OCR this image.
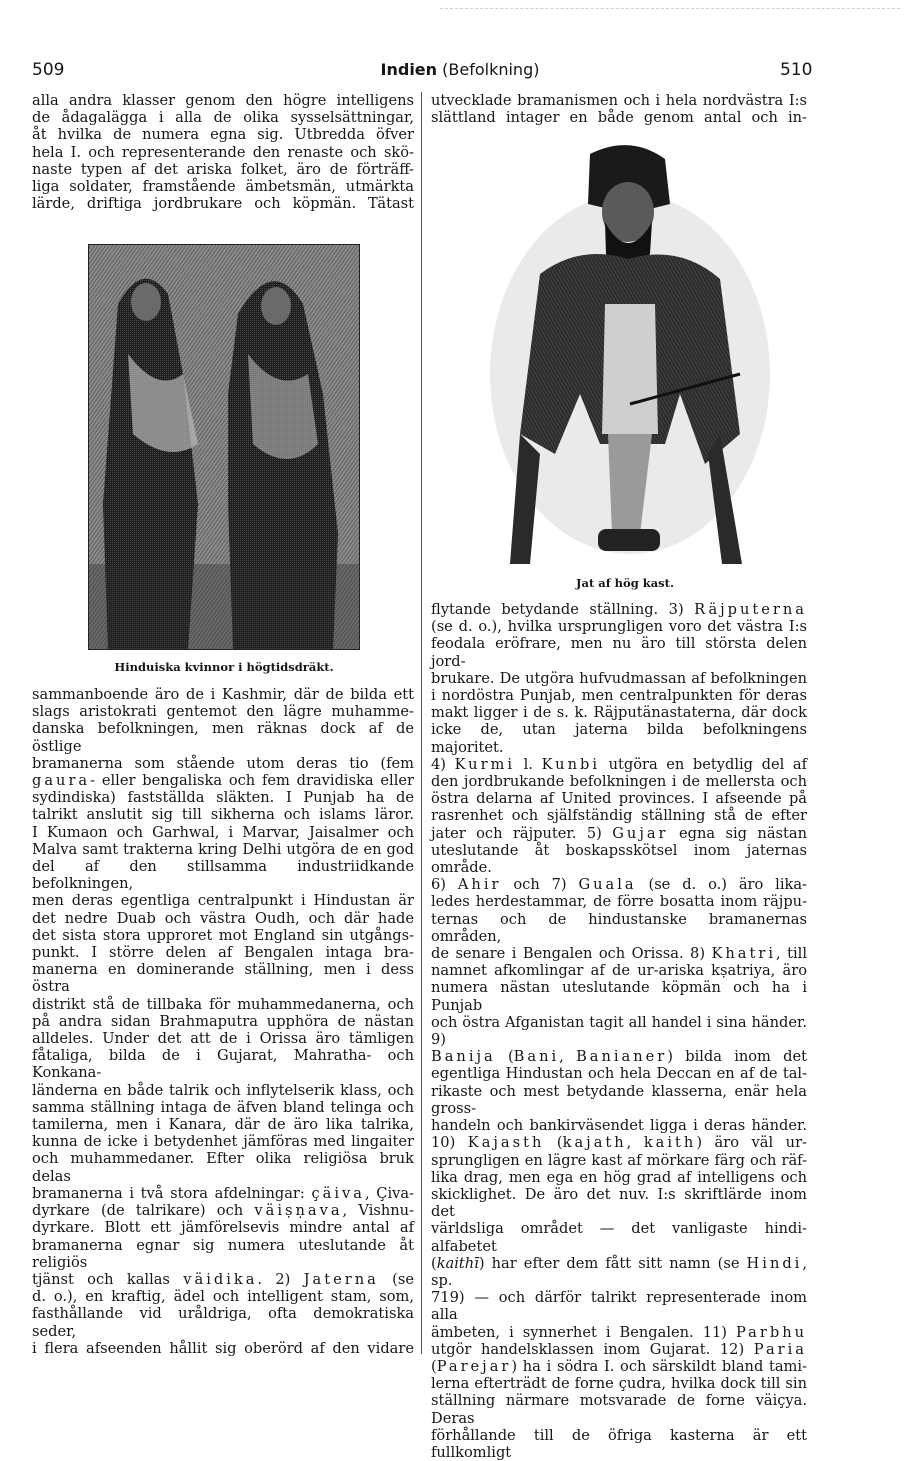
509	Indien (Befolkning)	510

alla andra klasser genom den högre intelligens

de ådagalägga i alla de olika sysselsättningar,

åt hvilka de numera egna sig. Utbredda öfver

hela I. och representerande den renaste och skö-

naste typen af det ariska folket, äro de förträff-

liga soldater, framstående ämbetsmän, utmärkta

lärde, driftiga jordbrukare och köpmän. Tätast

Hinduiska kvinnor i högtidsdräkt.

sammanboende äro de i Kashmir, där de bilda ett

slags aristokrati gentemot den lägre muhamme-

danska befolkningen, men räknas dock af de östlige

bramanerna som stående utom deras tio (fem

gaura- eller bengaliska och fem dravidiska eller

sydindiska) fastställda släkten. I Punjab ha de

talrikt anslutit sig till sikherna och islams läror.

I Kumaon och Garhwal, i Marvar, Jaisalmer och

Malva samt trakterna kring Delhi utgöra de en god

del af den stillsamma industriidkande befolkningen,

men deras egentliga centralpunkt i Hindustan är

det nedre Duab och västra Oudh, och där hade

det sista stora upproret mot England sin utgångs-

punkt. I större delen af Bengalen intaga bra-

manerna en dominerande ställning, men i dess östra

distrikt stå de tillbaka för muhammedanerna, och

på andra sidan Brahmaputra upphöra de nästan

alldeles. Under det att de i Orissa äro tämligen

fåtaliga, bilda de i Gujarat, Mahratha- och Konkana-

länderna en både talrik och inflytelserik klass, och

samma ställning intaga de äfven bland telinga och

tamilerna, men i Kanara, där de äro lika talrika,

kunna de icke i betydenhet jämföras med lingaiter

och muhammedaner. Efter olika religiösa bruk delas

bramanerna i två stora afdelningar: çäiva, Çiva-

dyrkare (de talrikare) och väiṣṇava, Vishnu-

dyrkare. Blott ett jämförelsevis mindre antal af

bramanerna egnar sig numera uteslutande åt religiös

tjänst och kallas väidika. 2) Jaterna (se

d. o.), en kraftig, ädel och intelligent stam, som,

fasthållande vid uråldriga, ofta demokratiska seder,

i flera afseenden hållit sig oberörd af den vidare

utvecklade bramanismen och i hela nordvästra I:s

slättland intager en både genom antal och in-

Jat af hög kast.

flytande betydande ställning. 3) Räjputerna

(se d. o.), hvilka ursprungligen voro det västra I:s

feodala eröfrare, men nu äro till största delen jord-

brukare. De utgöra hufvudmassan af befolkningen

i nordöstra Punjab, men centralpunkten för deras

makt ligger i de s. k. Räjputänastaterna, där dock

icke de, utan jaterna bilda befolkningens majoritet.

4) Kurmi l. Kunbi utgöra en betydlig del af

den jordbrukande befolkningen i de mellersta och

östra delarna af United provinces. I afseende på

rasrenhet och själfständig ställning stå de efter

jater och räjputer. 5) Gujar egna sig nästan

uteslutande åt boskapsskötsel inom jaternas område.

6) Ahir och 7) Guala (se d. o.) äro lika-

ledes herdestammar, de förre bosatta inom räjpu-

ternas och de hindustanske bramanernas områden,

de senare i Bengalen och Orissa. 8) Khatri, till

namnet afkomlingar af de ur-ariska kṣatriya, äro

numera nästan uteslutande köpmän och ha i Punjab

och östra Afganistan tagit all handel i sina händer. 9)

Banija (Bani, Banianer) bilda inom det

egentliga Hindustan och hela Deccan en af de tal-

rikaste och mest betydande klasserna, enär hela gross-

handeln och bankirväsendet ligga i deras händer.

10) Kajasth (kajath, kaith) äro väl ur-

sprungligen en lägre kast af mörkare färg och räf-

lika drag, men ega en hög grad af intelligens och

skicklighet. De äro det nuv. I:s skriftlärde inom det

världsliga området — det vanligaste hindi-alfabetet

(kaithī) har efter dem fått sitt namn (se Hindi, sp.

719) — och därför talrikt representerade inom alla

ämbeten, i synnerhet i Bengalen. 11) Parbhu

utgör handelsklassen inom Gujarat. 12) Paria

(Parejar) ha i södra I. och särskildt bland tami-

lerna efterträdt de forne çudra, hvilka dock till sin

ställning närmare motsvarade de forne väiçya. Deras

förhållande till de öfriga kasterna är ett fullkomligt
